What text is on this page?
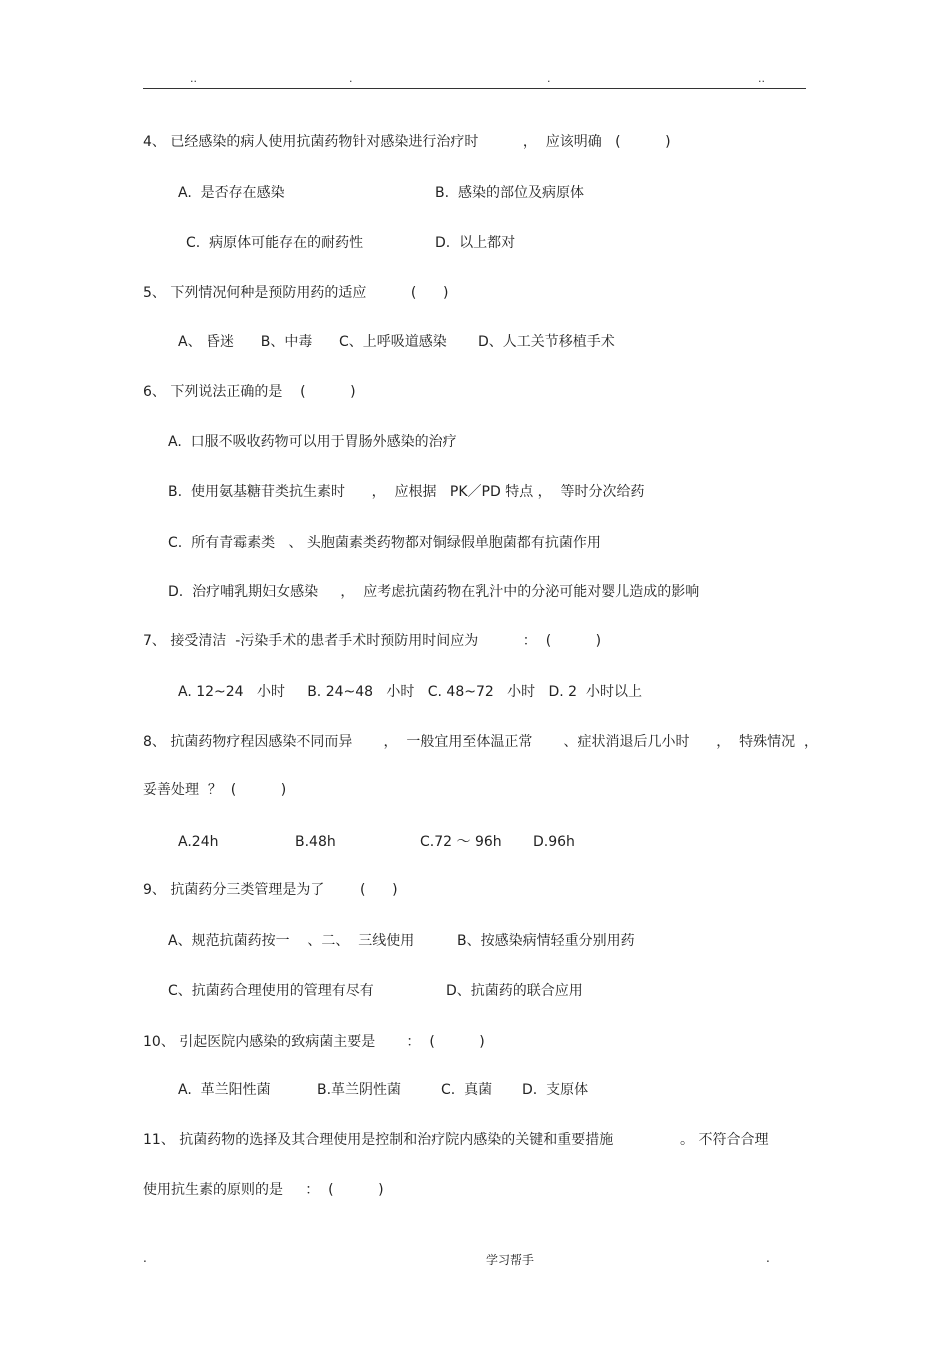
..	.	.	..
4、 已经感染的病人使用抗菌药物针对感染进行治疗时          ，  应该明确   (          )
A.  是否存在感染	B.  感染的部位及病原体
C.  病原体可能存在的耐药性	D.  以上都对
5、 下列情况何种是预防用药的适应          (      )
A、 昏迷      B、中毒      C、上呼吸道感染       D、人工关节移植手术
6、 下列说法正确的是    (          )
A.  口服不吸收药物可以用于胃肠外感染的治疗
B.  使用氨基糖苷类抗生素时      ，  应根据   PK／PD 特点 ，  等时分次给药
C.  所有青霉素类   、 头胞菌素类药物都对铜绿假单胞菌都有抗菌作用
D.  治疗哺乳期妇女感染     ，  应考虑抗菌药物在乳汁中的分泌可能对婴儿造成的影响
7、 接受清洁  -污染手术的患者手术时预防用时间应为          ：  (          )
A. 12~24   小时     B. 24~48   小时   C. 48~72   小时   D. 2  小时以上
8、 抗菌药物疗程因感染不同而异       ，  一般宜用至体温正常       、症状消退后几小时      ，  特殊情况  ，
妥善处理  ？  (          )
A.24h	B.48h	C.72 ～ 96h D.96h
9、 抗菌药分三类管理是为了        (      )
A、规范抗菌药按一    、二、  三线使用	B、按感染病情轻重分别用药
C、抗菌药合理使用的管理有尽有	D、抗菌药的联合应用
10、 引起医院内感染的致病菌主要是       ：  (          )
A.  革兰阳性菌	B.革兰阴性菌	C.  真菌 D.  支原体
11、 抗菌药物的选择及其合理使用是控制和治疗院内感染的关键和重要措施               。 不符合合理
使用抗生素的原则的是     ：  (          )
.	学习帮手	.
